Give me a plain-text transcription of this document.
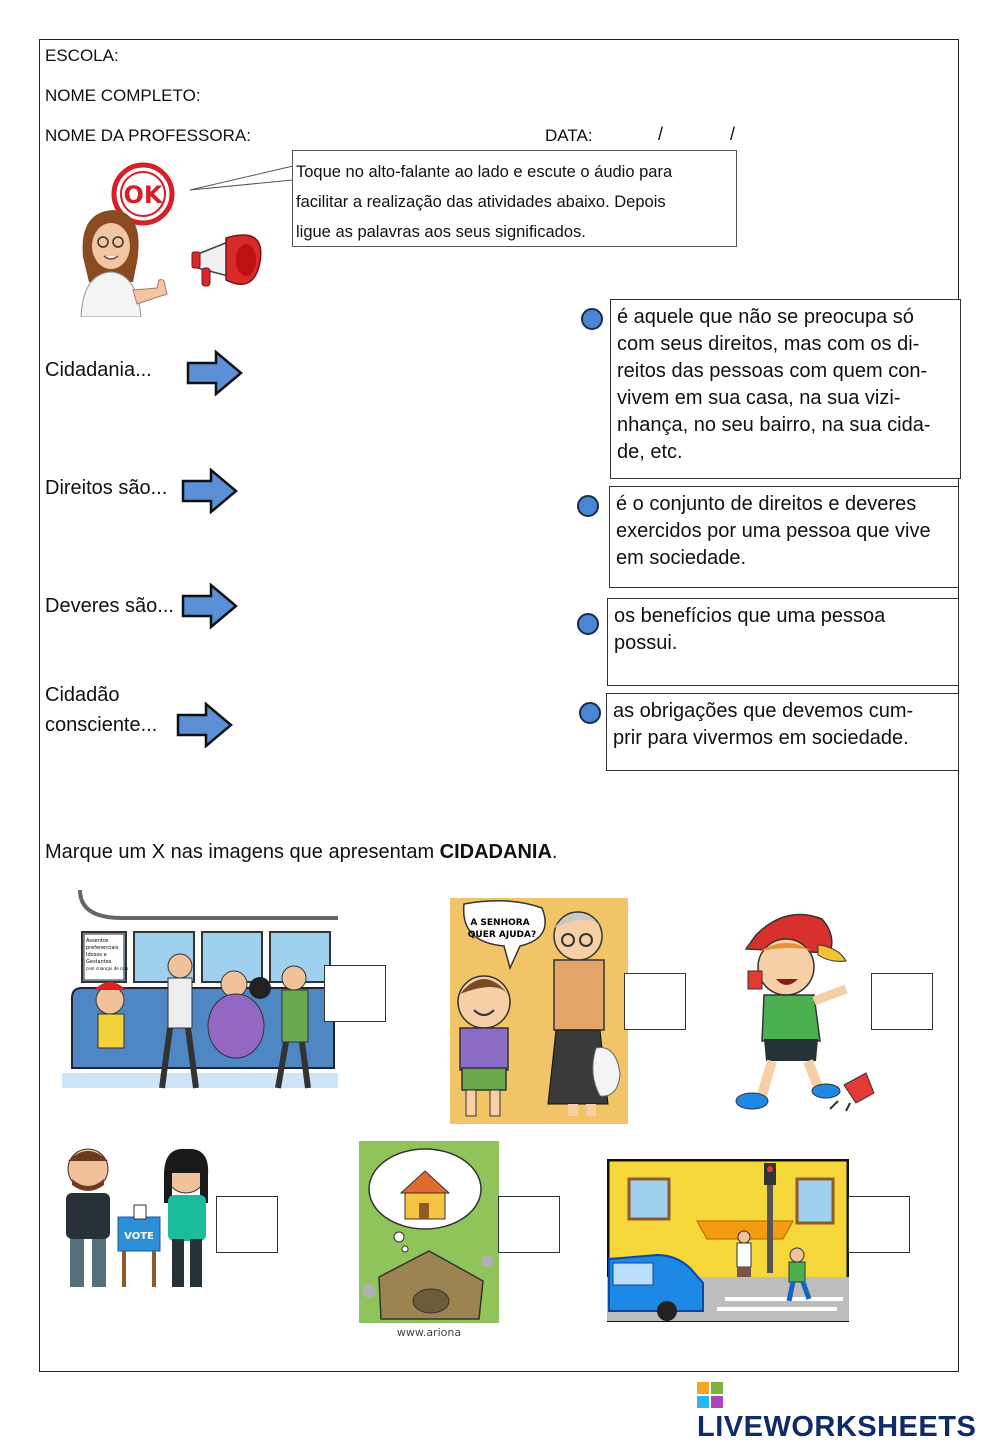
ESCOLA:
NOME COMPLETO:
NOME DA PROFESSORA:	DATA:	/	/
OK
Toque no alto-falante ao lado e escute o áudio para
facilitar a realização das atividades abaixo. Depois
ligue as palavras aos seus significados.
Cidadania...
Direitos são...
Deveres são...
Cidadão
consciente...
é aquele que não se preocupa só
com seus direitos, mas com os di-
reitos das pessoas com quem con-
vivem em sua casa, na sua vizi-
nhança, no seu bairro, na sua cida-
de, etc.
é o conjunto de direitos e deveres
exercidos por uma pessoa que vive
em sociedade.
os benefícios que uma pessoa
possui.
as obrigações que devemos cum-
prir para vivermos em sociedade.
Marque um X nas imagens que apresentam CIDADANIA.
Assentos
preferenciais
Idosos e
Gestantes
com crianças de colo
A SENHORA
QUER AJUDA?
VOTE
www.ariona
LIVEWORKSHEETS
